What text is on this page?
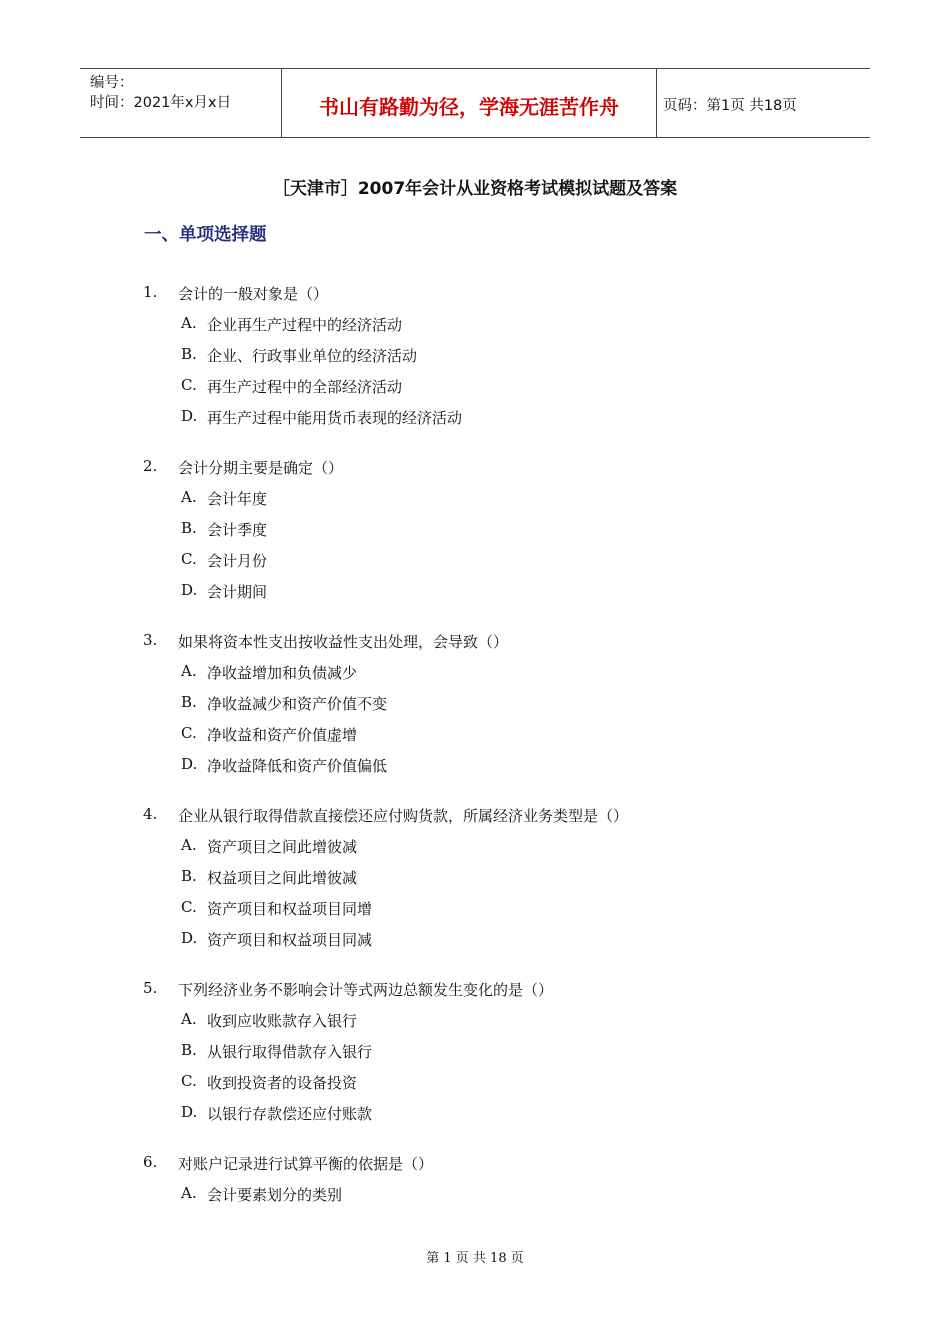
编号：
时间：2021年x月x日	书山有路勤为径，学海无涯苦作舟	页码：第1页 共18页
［天津市］2007年会计从业资格考试模拟试题及答案
一、单项选择题
1. 会计的一般对象是（）
A. 企业再生产过程中的经济活动
B. 企业、行政事业单位的经济活动
C. 再生产过程中的全部经济活动
D. 再生产过程中能用货币表现的经济活动
2. 会计分期主要是确定（）
A. 会计年度
B. 会计季度
C. 会计月份
D. 会计期间
3. 如果将资本性支出按收益性支出处理，会导致（）
A. 净收益增加和负债减少
B. 净收益减少和资产价值不变
C. 净收益和资产价值虚增
D. 净收益降低和资产价值偏低
4. 企业从银行取得借款直接偿还应付购货款，所属经济业务类型是（）
A. 资产项目之间此增彼减
B. 权益项目之间此增彼减
C. 资产项目和权益项目同增
D. 资产项目和权益项目同减
5. 下列经济业务不影响会计等式两边总额发生变化的是（）
A. 收到应收账款存入银行
B. 从银行取得借款存入银行
C. 收到投资者的设备投资
D. 以银行存款偿还应付账款
6. 对账户记录进行试算平衡的依据是（）
A. 会计要素划分的类别
第 1 页 共 18 页
